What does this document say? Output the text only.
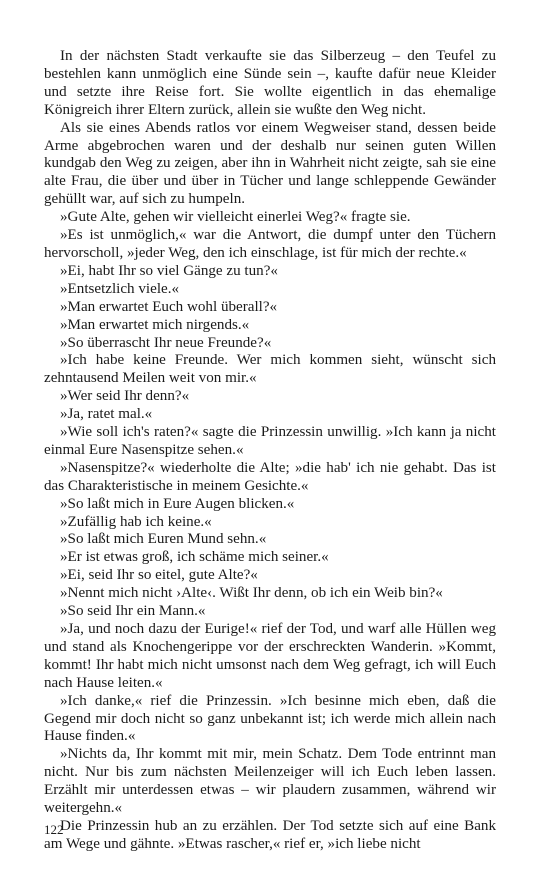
In der nächsten Stadt verkaufte sie das Silberzeug – den Teufel zu bestehlen kann unmöglich eine Sünde sein –, kaufte dafür neue Kleider und setzte ihre Reise fort. Sie wollte eigentlich in das ehemalige Königreich ihrer Eltern zurück, allein sie wußte den Weg nicht.

Als sie eines Abends ratlos vor einem Wegweiser stand, dessen beide Arme abgebrochen waren und der deshalb nur seinen guten Willen kundgab den Weg zu zeigen, aber ihn in Wahrheit nicht zeigte, sah sie eine alte Frau, die über und über in Tücher und lange schleppende Gewänder gehüllt war, auf sich zu humpeln.

»Gute Alte, gehen wir vielleicht einerlei Weg?« fragte sie.

»Es ist unmöglich,« war die Antwort, die dumpf unter den Tüchern hervorscholl, »jeder Weg, den ich einschlage, ist für mich der rechte.«

»Ei, habt Ihr so viel Gänge zu tun?«

»Entsetzlich viele.«

»Man erwartet Euch wohl überall?«

»Man erwartet mich nirgends.«

»So überrascht Ihr neue Freunde?«

»Ich habe keine Freunde. Wer mich kommen sieht, wünscht sich zehntausend Meilen weit von mir.«

»Wer seid Ihr denn?«

»Ja, ratet mal.«

»Wie soll ich's raten?« sagte die Prinzessin unwillig. »Ich kann ja nicht einmal Eure Nasenspitze sehen.«

»Nasenspitze?« wiederholte die Alte; »die hab' ich nie gehabt. Das ist das Charakteristische in meinem Gesichte.«

»So laßt mich in Eure Augen blicken.«

»Zufällig hab ich keine.«

»So laßt mich Euren Mund sehn.«

»Er ist etwas groß, ich schäme mich seiner.«

»Ei, seid Ihr so eitel, gute Alte?«

»Nennt mich nicht ›Alte‹. Wißt Ihr denn, ob ich ein Weib bin?«

»So seid Ihr ein Mann.«

»Ja, und noch dazu der Eurige!« rief der Tod, und warf alle Hüllen weg und stand als Knochengerippe vor der erschreckten Wanderin. »Kommt, kommt! Ihr habt mich nicht umsonst nach dem Weg gefragt, ich will Euch nach Hause leiten.«

»Ich danke,« rief die Prinzessin. »Ich besinne mich eben, daß die Gegend mir doch nicht so ganz unbekannt ist; ich werde mich allein nach Hause finden.«

»Nichts da, Ihr kommt mit mir, mein Schatz. Dem Tode entrinnt man nicht. Nur bis zum nächsten Meilenzeiger will ich Euch leben lassen. Erzählt mir unterdessen etwas – wir plaudern zusammen, während wir weitergehn.«

Die Prinzessin hub an zu erzählen. Der Tod setzte sich auf eine Bank am Wege und gähnte. »Etwas rascher,« rief er, »ich liebe nicht

122
